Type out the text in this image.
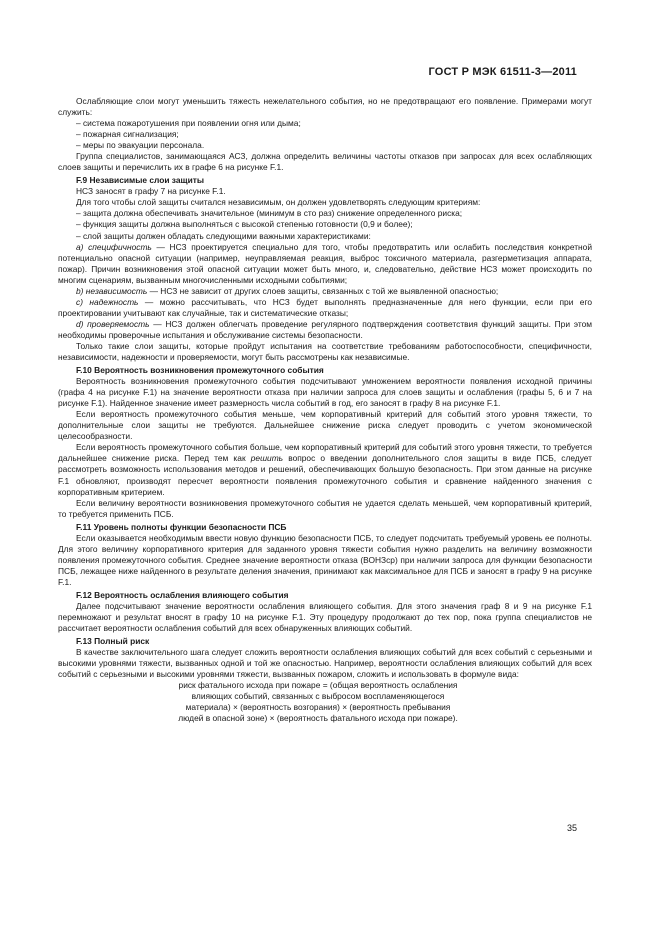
ГОСТ Р МЭК 61511-3—2011

Ослабляющие слои могут уменьшить тяжесть нежелательного события, но не предотвращают его появление. Примерами могут служить:

– система пожаротушения при появлении огня или дыма;

– пожарная сигнализация;

– меры по эвакуации персонала.

Группа специалистов, занимающаяся АСЗ, должна определить величины частоты отказов при запросах для всех ослабляющих слоев защиты и перечислить их в графе 6 на рисунке F.1.

F.9 Независимые слои защиты

НСЗ заносят в графу 7 на рисунке F.1.

Для того чтобы слой защиты считался независимым, он должен удовлетворять следующим критериям:

– защита должна обеспечивать значительное (минимум в сто раз) снижение определенного риска;

– функция защиты должна выполняться с высокой степенью готовности (0,9 и более);

– слой защиты должен обладать следующими важными характеристиками:

а) специфичность — НСЗ проектируется специально для того, чтобы предотвратить или ослабить последствия конкретной потенциально опасной ситуации (например, неуправляемая реакция, выброс токсичного материала, разгерметизация аппарата, пожар). Причин возникновения этой опасной ситуации может быть много, и, следовательно, действие НСЗ может происходить по многим сценариям, вызванным многочисленными исходными событиями;

b) независимость — НСЗ не зависит от других слоев защиты, связанных с той же выявленной опасностью;

c) надежность — можно рассчитывать, что НСЗ будет выполнять предназначенные для него функции, если при его проектировании учитывают как случайные, так и систематические отказы;

d) проверяемость — НСЗ должен облегчать проведение регулярного подтверждения соответствия функций защиты. При этом необходимы проверочные испытания и обслуживание системы безопасности.

Только такие слои защиты, которые пройдут испытания на соответствие требованиям работоспособности, специфичности, независимости, надежности и проверяемости, могут быть рассмотрены как независимые.

F.10 Вероятность возникновения промежуточного события

Вероятность возникновения промежуточного события подсчитывают умножением вероятности появления исходной причины (графа 4 на рисунке F.1) на значение вероятности отказа при наличии запроса для слоев защиты и ослабления (графы 5, 6 и 7 на рисунке F.1). Найденное значение имеет размерность числа событий в год, его заносят в графу 8 на рисунке F.1.

Если вероятность промежуточного события меньше, чем корпоративный критерий для событий этого уровня тяжести, то дополнительные слои защиты не требуются. Дальнейшее снижение риска следует проводить с учетом экономической целесообразности.

Если вероятность промежуточного события больше, чем корпоративный критерий для событий этого уровня тяжести, то требуется дальнейшее снижение риска. Перед тем как решить вопрос о введении дополнительного слоя защиты в виде ПСБ, следует рассмотреть возможность использования методов и решений, обеспечивающих большую безопасность. При этом данные на рисунке F.1 обновляют, производят пересчет вероятности появления промежуточного события и сравнение найденного значения с корпоративным критерием.

Если величину вероятности возникновения промежуточного события не удается сделать меньшей, чем корпоративный критерий, то требуется применить ПСБ.

F.11 Уровень полноты функции безопасности ПСБ

Если оказывается необходимым ввести новую функцию безопасности ПСБ, то следует подсчитать требуемый уровень ее полноты. Для этого величину корпоративного критерия для заданного уровня тяжести события нужно разделить на величину возможности появления промежуточного события. Среднее значение вероятности отказа (ВОНЗср) при наличии запроса для функции безопасности ПСБ, лежащее ниже найденного в результате деления значения, принимают как максимальное для ПСБ и заносят в графу 9 на рисунке F.1.

F.12 Вероятность ослабления влияющего события

Далее подсчитывают значение вероятности ослабления влияющего события. Для этого значения граф 8 и 9 на рисунке F.1 перемножают и результат вносят в графу 10 на рисунке F.1. Эту процедуру продолжают до тех пор, пока группа специалистов не рассчитает вероятности ослабления событий для всех обнаруженных влияющих событий.

F.13 Полный риск

В качестве заключительного шага следует сложить вероятности ослабления влияющих событий для всех событий с серьезными и высокими уровнями тяжести, вызванных одной и той же опасностью. Например, вероятности ослабления влияющих событий для всех событий с серьезными и высокими уровнями тяжести, вызванных пожаром, сложить и использовать в формуле вида:

риск фатального исхода при пожаре = (общая вероятность ослабления
влияющих событий, связанных с выбросом воспламеняющегося
материала) × (вероятность возгорания) × (вероятность пребывания
людей в опасной зоне) × (вероятность фатального исхода при пожаре).
35
